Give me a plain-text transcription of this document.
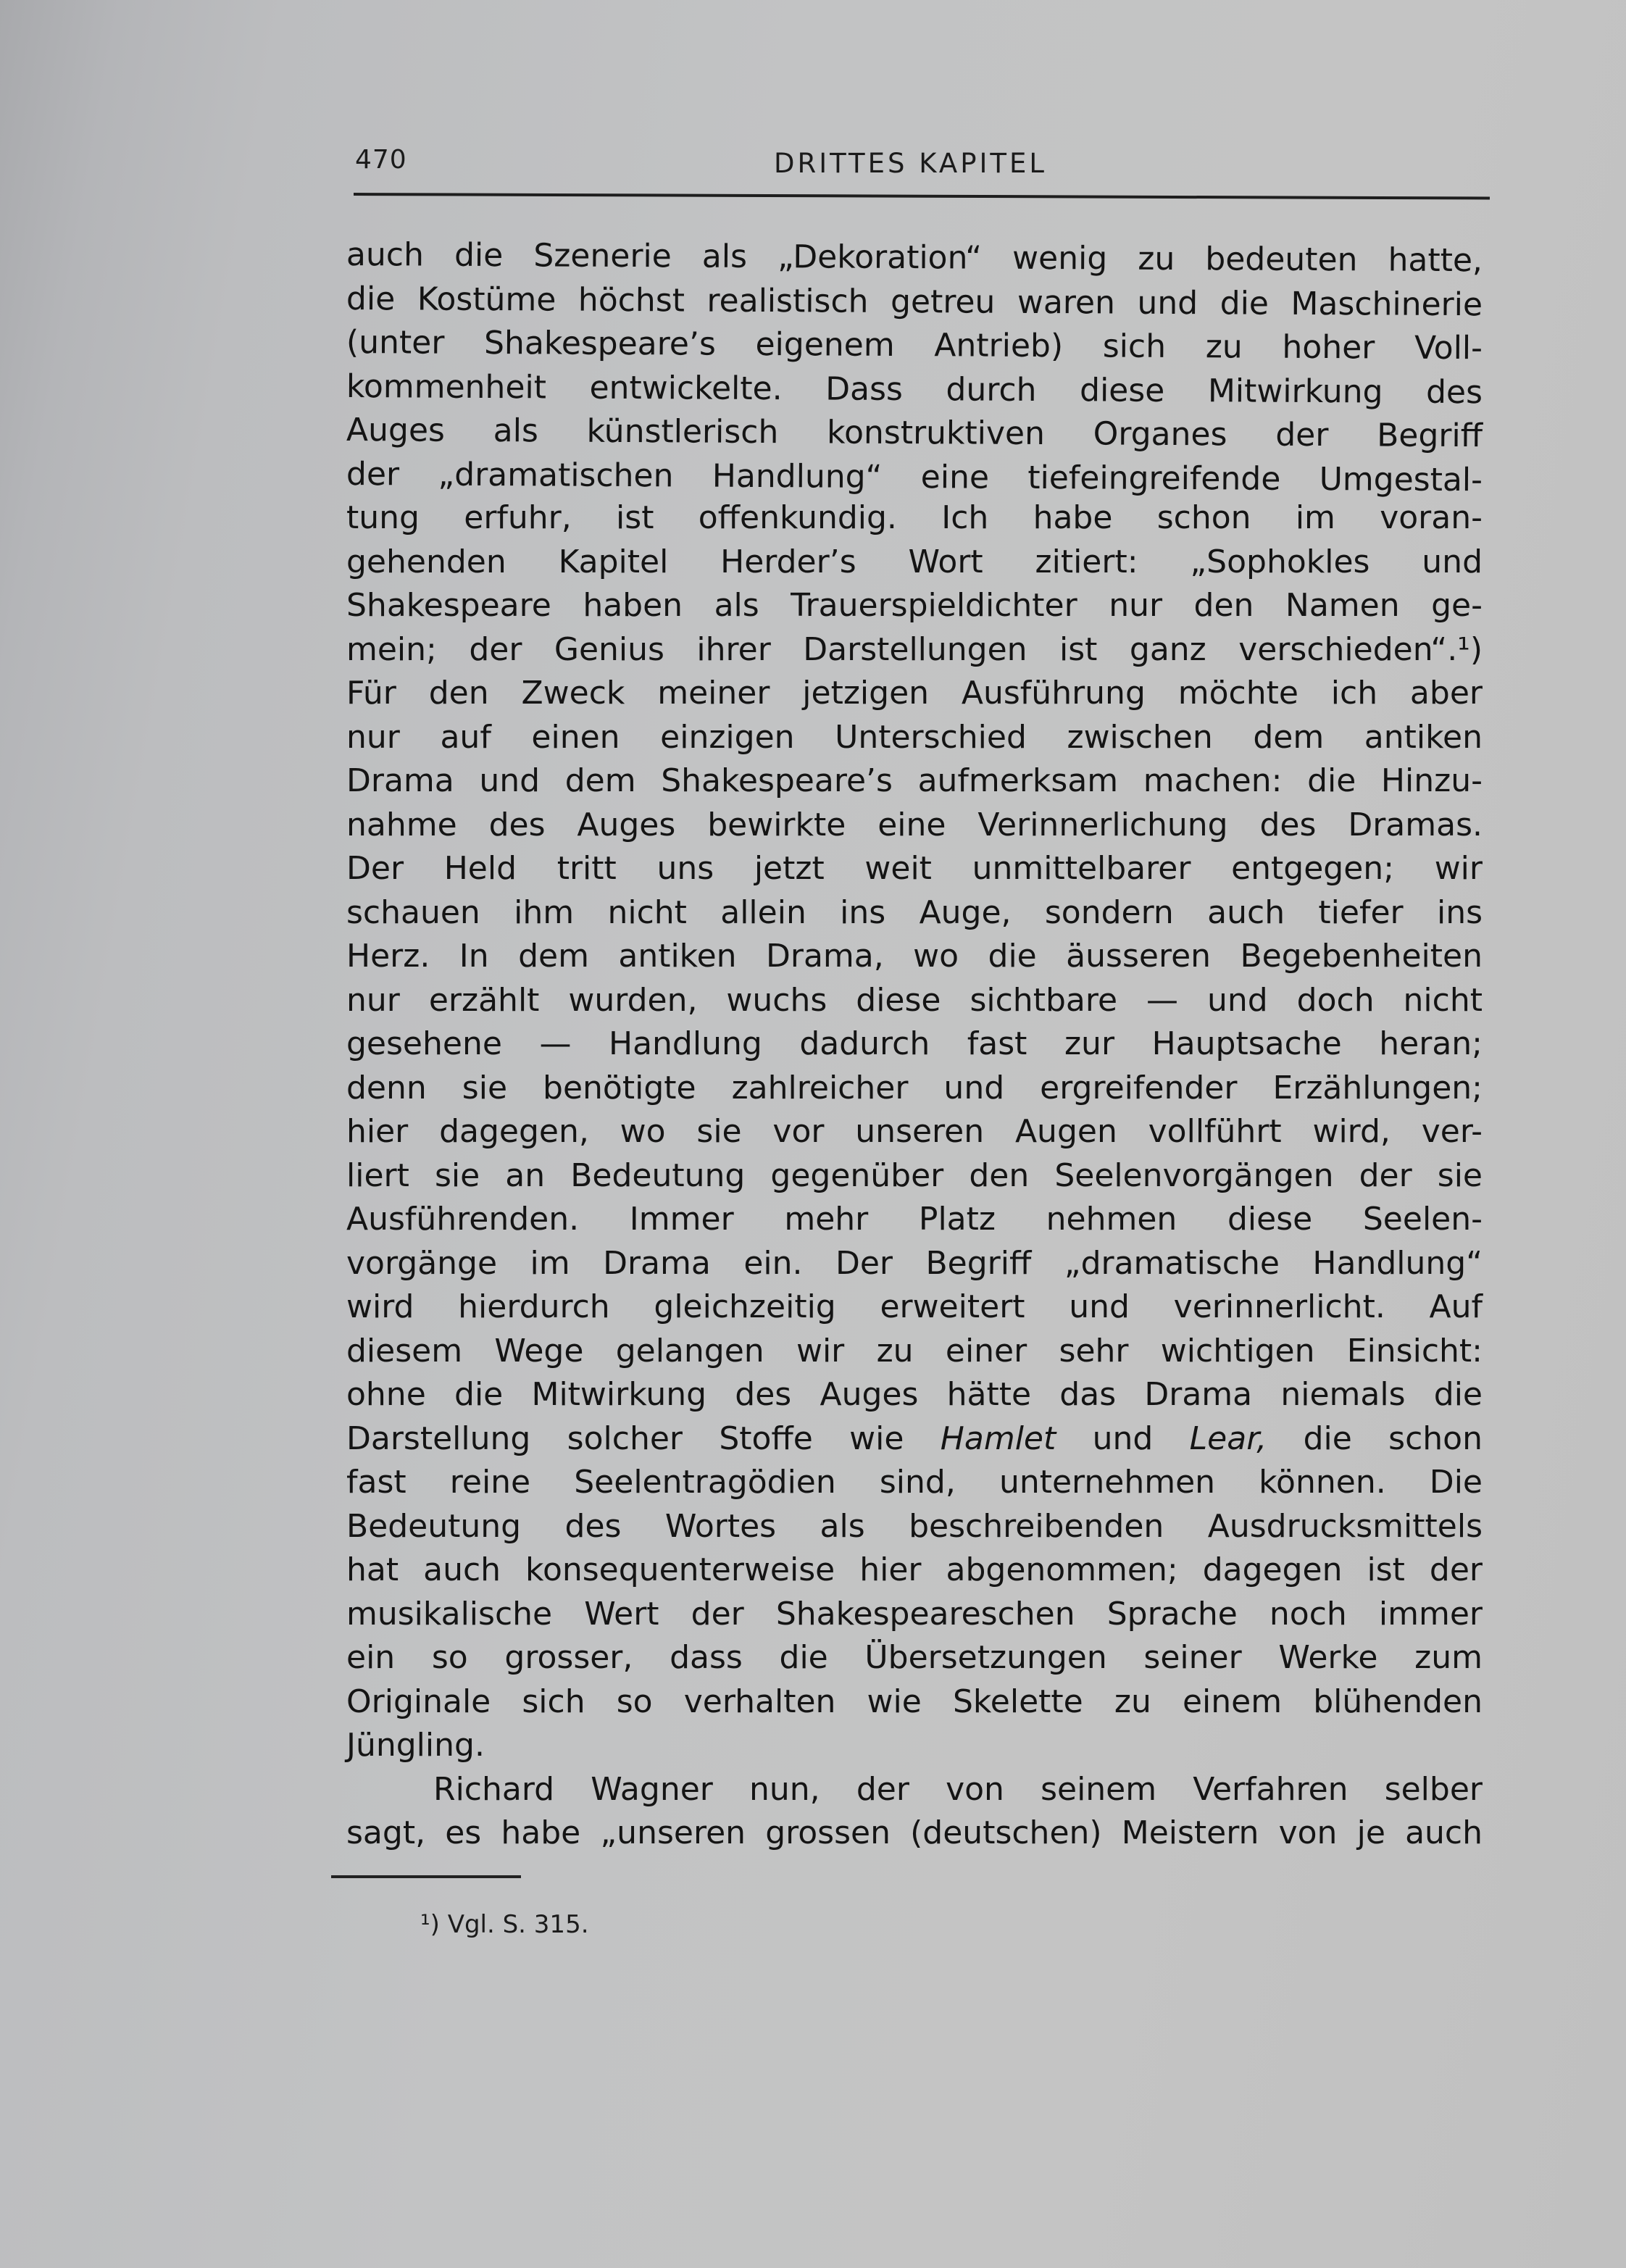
470	DRITTES KAPITEL
auch die Szenerie als „Dekoration“ wenig zu bedeuten hatte,
die Kostüme höchst realistisch getreu waren und die Maschinerie
(unter Shakespeare’s eigenem Antrieb) sich zu hoher Voll-
kommenheit entwickelte. Dass durch diese Mitwirkung des
Auges als künstlerisch konstruktiven Organes der Begriff
der „dramatischen Handlung“ eine tiefeingreifende Umgestal-
tung erfuhr, ist offenkundig. Ich habe schon im voran-
gehenden Kapitel Herder’s Wort zitiert: „Sophokles und
Shakespeare haben als Trauerspieldichter nur den Namen ge-
mein; der Genius ihrer Darstellungen ist ganz verschieden“.¹)
Für den Zweck meiner jetzigen Ausführung möchte ich aber
nur auf einen einzigen Unterschied zwischen dem antiken
Drama und dem Shakespeare’s aufmerksam machen: die Hinzu-
nahme des Auges bewirkte eine Verinnerlichung des Dramas.
Der Held tritt uns jetzt weit unmittelbarer entgegen; wir
schauen ihm nicht allein ins Auge, sondern auch tiefer ins
Herz. In dem antiken Drama, wo die äusseren Begebenheiten
nur erzählt wurden, wuchs diese sichtbare — und doch nicht
gesehene — Handlung dadurch fast zur Hauptsache heran;
denn sie benötigte zahlreicher und ergreifender Erzählungen;
hier dagegen, wo sie vor unseren Augen vollführt wird, ver-
liert sie an Bedeutung gegenüber den Seelenvorgängen der sie
Ausführenden. Immer mehr Platz nehmen diese Seelen-
vorgänge im Drama ein. Der Begriff „dramatische Handlung“
wird hierdurch gleichzeitig erweitert und verinnerlicht. Auf
diesem Wege gelangen wir zu einer sehr wichtigen Einsicht:
ohne die Mitwirkung des Auges hätte das Drama niemals die
Darstellung solcher Stoffe wie Hamlet und Lear, die schon
fast reine Seelentragödien sind, unternehmen können. Die
Bedeutung des Wortes als beschreibenden Ausdrucksmittels
hat auch konsequenterweise hier abgenommen; dagegen ist der
musikalische Wert der Shakespeareschen Sprache noch immer
ein so grosser, dass die Übersetzungen seiner Werke zum
Originale sich so verhalten wie Skelette zu einem blühenden
Jüngling.
Richard Wagner nun, der von seinem Verfahren selber
sagt, es habe „unseren grossen (deutschen) Meistern von je auch
¹) Vgl. S. 315.
